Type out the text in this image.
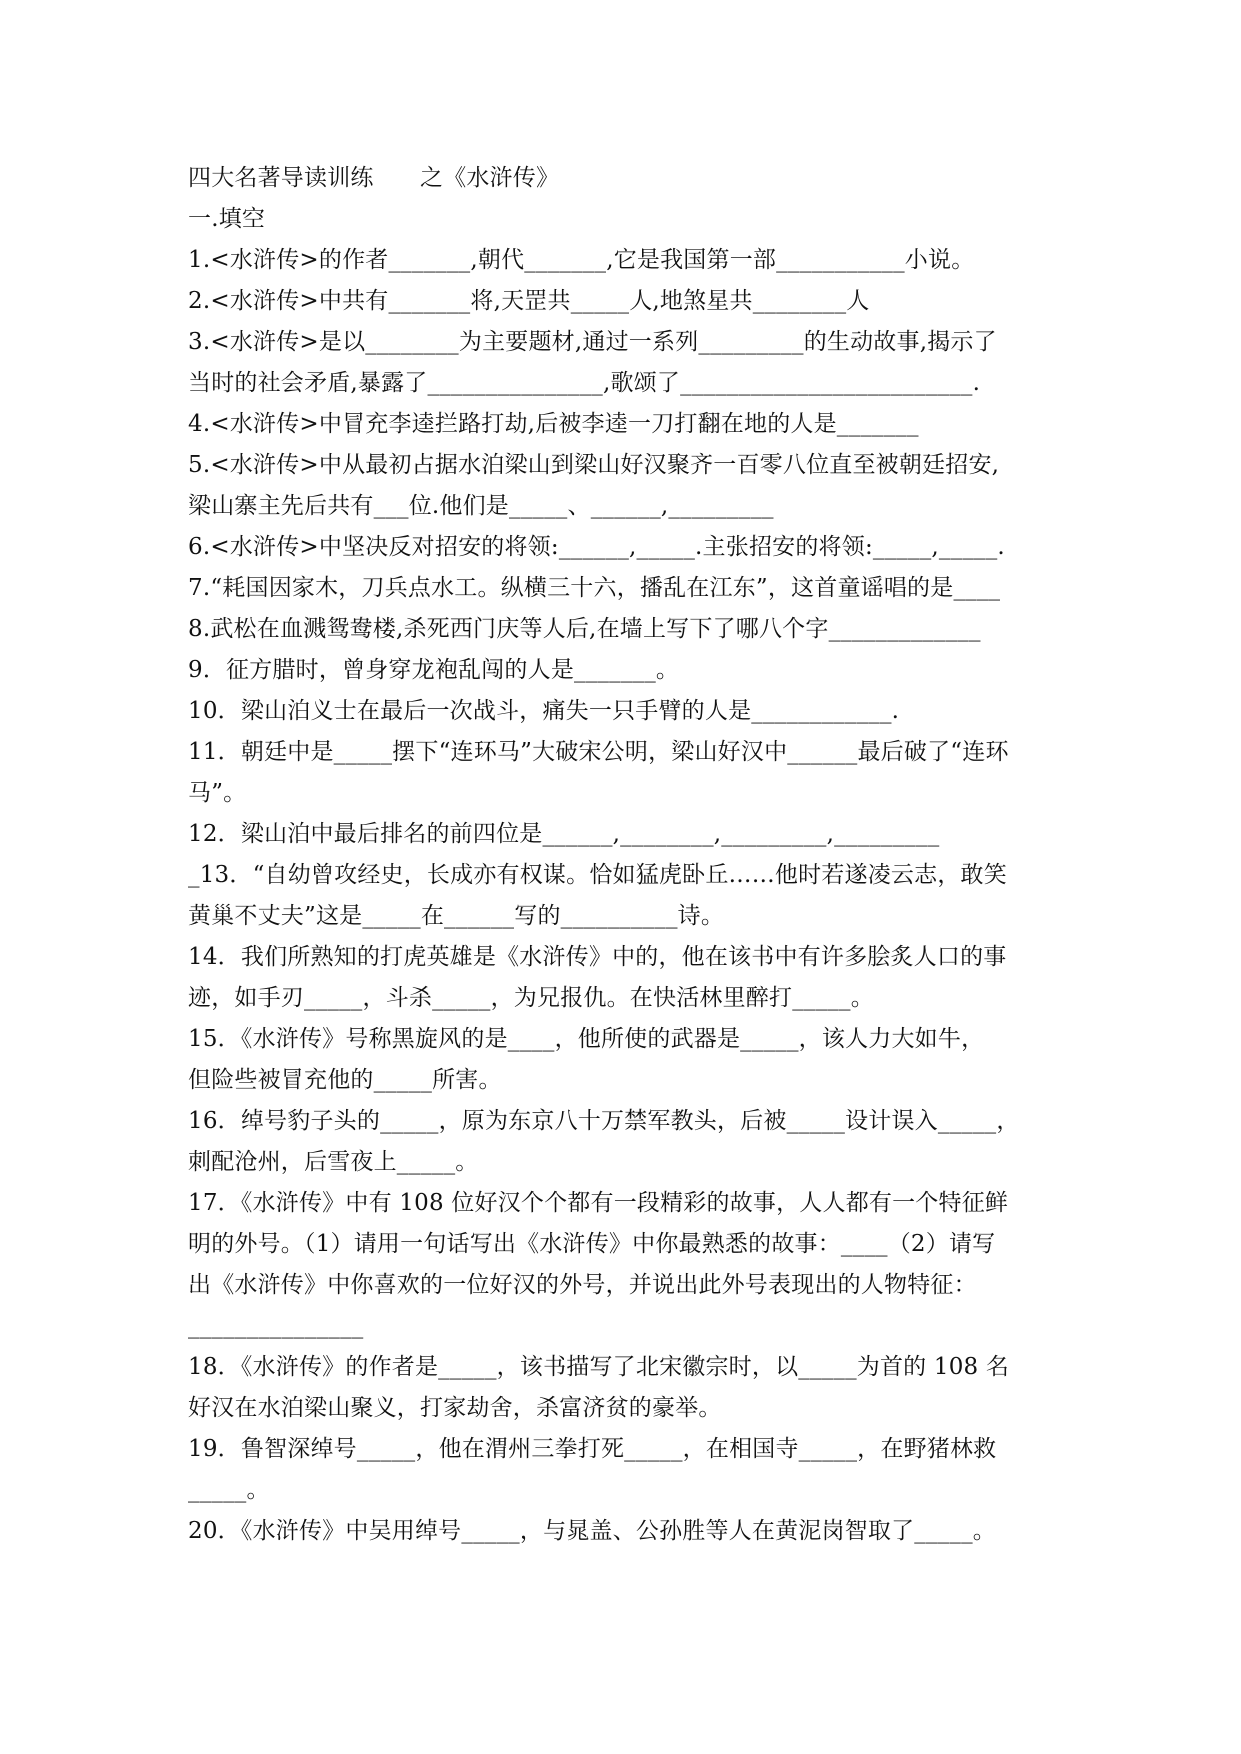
四大名著导读训练　　之《水浒传》
一.填空
1.<水浒传>的作者_______,朝代_______,它是我国第一部___________小说。
2.<水浒传>中共有_______将,天罡共_____人,地煞星共________人
3.<水浒传>是以________为主要题材,通过一系列_________的生动故事,揭示了
当时的社会矛盾,暴露了_______________,歌颂了_________________________.
4.<水浒传>中冒充李逵拦路打劫,后被李逵一刀打翻在地的人是_______
5.<水浒传>中从最初占据水泊梁山到梁山好汉聚齐一百零八位直至被朝廷招安,
梁山寨主先后共有___位.他们是_____、______,_________
6.<水浒传>中坚决反对招安的将领:______,_____.主张招安的将领:_____,_____.
7.“耗国因家木，刀兵点水工。纵横三十六，播乱在江东”，这首童谣唱的是____
8.武松在血溅鸳鸯楼,杀死西门庆等人后,在墙上写下了哪八个字_____________
9．征方腊时，曾身穿龙袍乱闯的人是_______。
10．梁山泊义士在最后一次战斗，痛失一只手臂的人是____________.
11．朝廷中是_____摆下“连环马”大破宋公明，梁山好汉中______最后破了“连环
马”。
12．梁山泊中最后排名的前四位是______,________,_________,_________
_13．“自幼曾攻经史，长成亦有权谋。恰如猛虎卧丘……他时若遂凌云志，敢笑
黄巢不丈夫”这是_____在______写的__________诗。
14．我们所熟知的打虎英雄是《水浒传》中的，他在该书中有许多脍炙人口的事
迹，如手刃_____，斗杀_____，为兄报仇。在快活林里醉打_____。
15．《水浒传》号称黑旋风的是____，他所使的武器是_____，该人力大如牛，
但险些被冒充他的_____所害。
16．绰号豹子头的_____，原为东京八十万禁军教头，后被_____设计误入_____，
刺配沧州，后雪夜上_____。
17．《水浒传》中有 108 位好汉个个都有一段精彩的故事，人人都有一个特征鲜
明的外号。（1）请用一句话写出《水浒传》中你最熟悉的故事：____（2）请写
出《水浒传》中你喜欢的一位好汉的外号，并说出此外号表现出的人物特征：
_______________
18．《水浒传》的作者是_____，该书描写了北宋徽宗时，以_____为首的 108 名
好汉在水泊梁山聚义，打家劫舍，杀富济贫的豪举。
19．鲁智深绰号_____，他在渭州三拳打死_____，在相国寺_____，在野猪林救
_____。
20．《水浒传》中吴用绰号_____，与晁盖、公孙胜等人在黄泥岗智取了_____。
